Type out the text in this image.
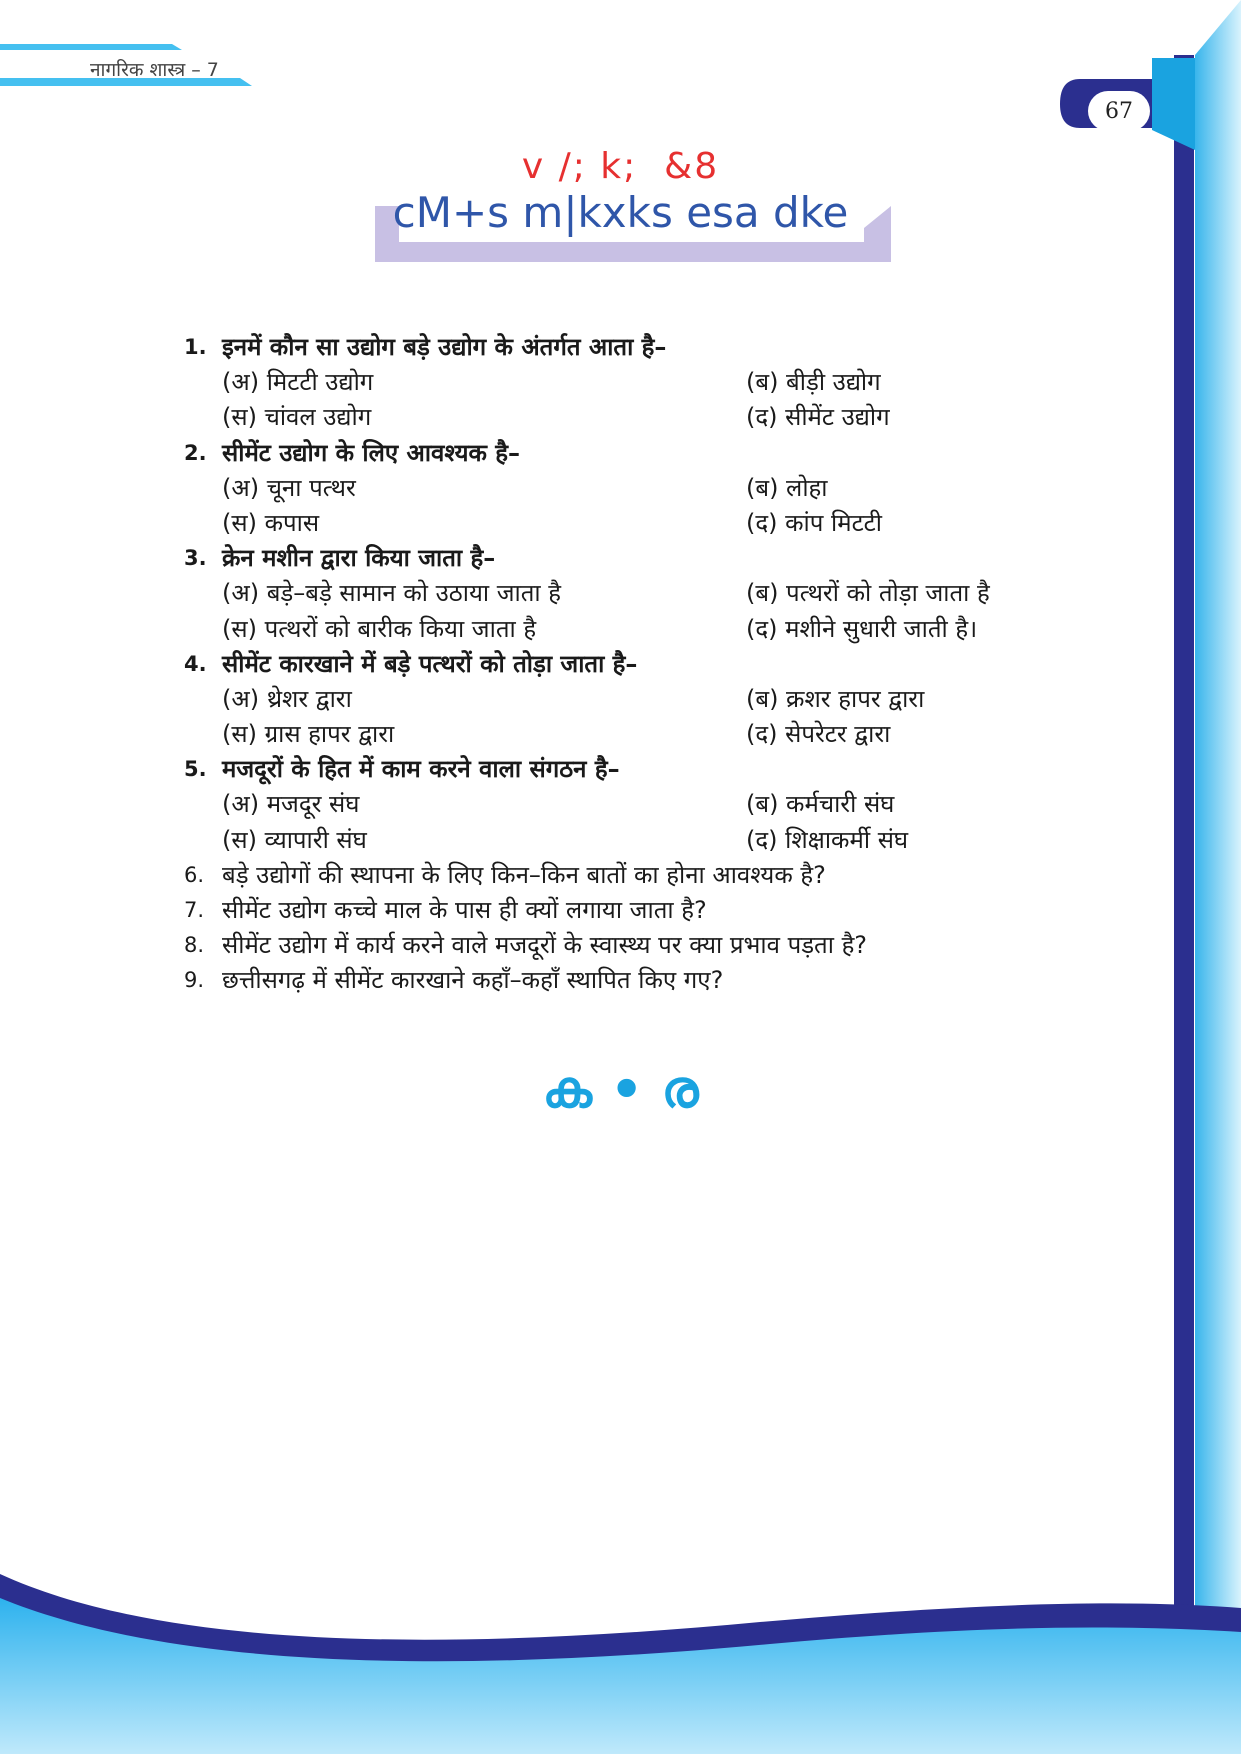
नागरिक शास्त्र – 7
67
v /; k;  &8
cM+s m|kxks esa dke
1. इनमें कौन सा उद्योग बड़े उद्योग के अंतर्गत आता है–
(अ) मिटटी उद्योग	(ब) बीड़ी उद्योग
(स) चांवल उद्योग	(द) सीमेंट उद्योग
2. सीमेंट उद्योग के लिए आवश्यक है–
(अ) चूना पत्थर	(ब) लोहा
(स) कपास	(द) कांप मिटटी
3. क्रेन मशीन द्वारा किया जाता है–
(अ) बड़े–बड़े सामान को उठाया जाता है	(ब) पत्थरों को तोड़ा जाता है
(स) पत्थरों को बारीक किया जाता है	(द) मशीने सुधारी जाती है।
4. सीमेंट कारखाने में बड़े पत्थरों को तोड़ा जाता है–
(अ) थ्रेशर द्वारा	(ब) क्रशर हापर द्वारा
(स) ग्रास हापर द्वारा	(द) सेपरेटर द्वारा
5. मजदूरों के हित में काम करने वाला संगठन है–
(अ) मजदूर संघ	(ब) कर्मचारी संघ
(स) व्यापारी संघ	(द) शिक्षाकर्मी संघ
6. बड़े उद्योगों की स्थापना के लिए किन–किन बातों का होना आवश्यक है?
7. सीमेंट उद्योग कच्चे माल के पास ही क्यों लगाया जाता है?
8. सीमेंट उद्योग में कार्य करने वाले मजदूरों के स्वास्थ्य पर क्या प्रभाव पड़ता है?
9. छत्तीसगढ़ में सीमेंट कारखाने कहाँ–कहाँ स्थापित किए गए?
ക • ര
